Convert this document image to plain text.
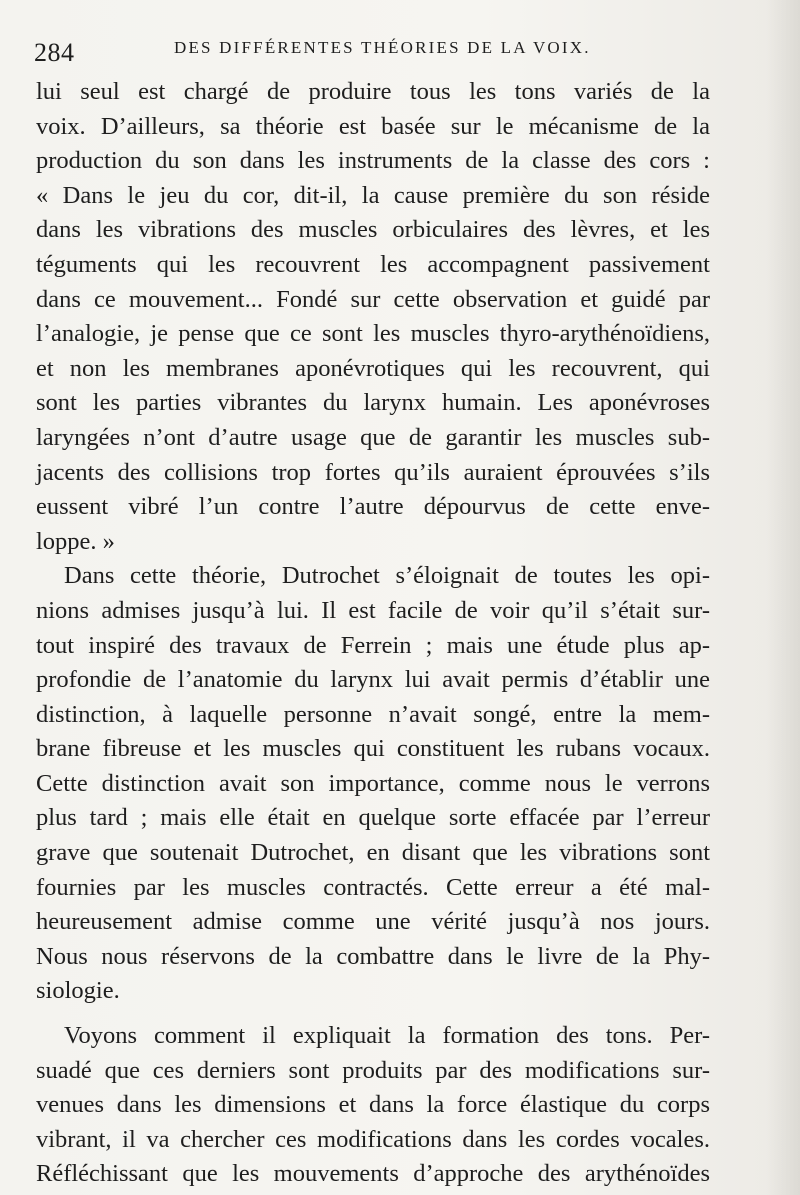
284	DES DIFFÉRENTES THÉORIES DE LA VOIX.
lui seul est chargé de produire tous les tons variés de la
voix. D’ailleurs, sa théorie est basée sur le mécanisme de la
production du son dans les instruments de la classe des cors :
« Dans le jeu du cor, dit-il, la cause première du son réside
dans les vibrations des muscles orbiculaires des lèvres, et les
téguments qui les recouvrent les accompagnent passivement
dans ce mouvement... Fondé sur cette observation et guidé par
l’analogie, je pense que ce sont les muscles thyro-arythénoïdiens,
et non les membranes aponévrotiques qui les recouvrent, qui
sont les parties vibrantes du larynx humain. Les aponévroses
laryngées n’ont d’autre usage que de garantir les muscles sub-
jacents des collisions trop fortes qu’ils auraient éprouvées s’ils
eussent vibré l’un contre l’autre dépourvus de cette enve-
loppe. »
Dans cette théorie, Dutrochet s’éloignait de toutes les opi-
nions admises jusqu’à lui. Il est facile de voir qu’il s’était sur-
tout inspiré des travaux de Ferrein ; mais une étude plus ap-
profondie de l’anatomie du larynx lui avait permis d’établir une
distinction, à laquelle personne n’avait songé, entre la mem-
brane fibreuse et les muscles qui constituent les rubans vocaux.
Cette distinction avait son importance, comme nous le verrons
plus tard ; mais elle était en quelque sorte effacée par l’erreur
grave que soutenait Dutrochet, en disant que les vibrations sont
fournies par les muscles contractés. Cette erreur a été mal-
heureusement admise comme une vérité jusqu’à nos jours.
Nous nous réservons de la combattre dans le livre de la Phy-
siologie.
Voyons comment il expliquait la formation des tons. Per-
suadé que ces derniers sont produits par des modifications sur-
venues dans les dimensions et dans la force élastique du corps
vibrant, il va chercher ces modifications dans les cordes vocales.
Réfléchissant que les mouvements d’approche des arythénoïdes
